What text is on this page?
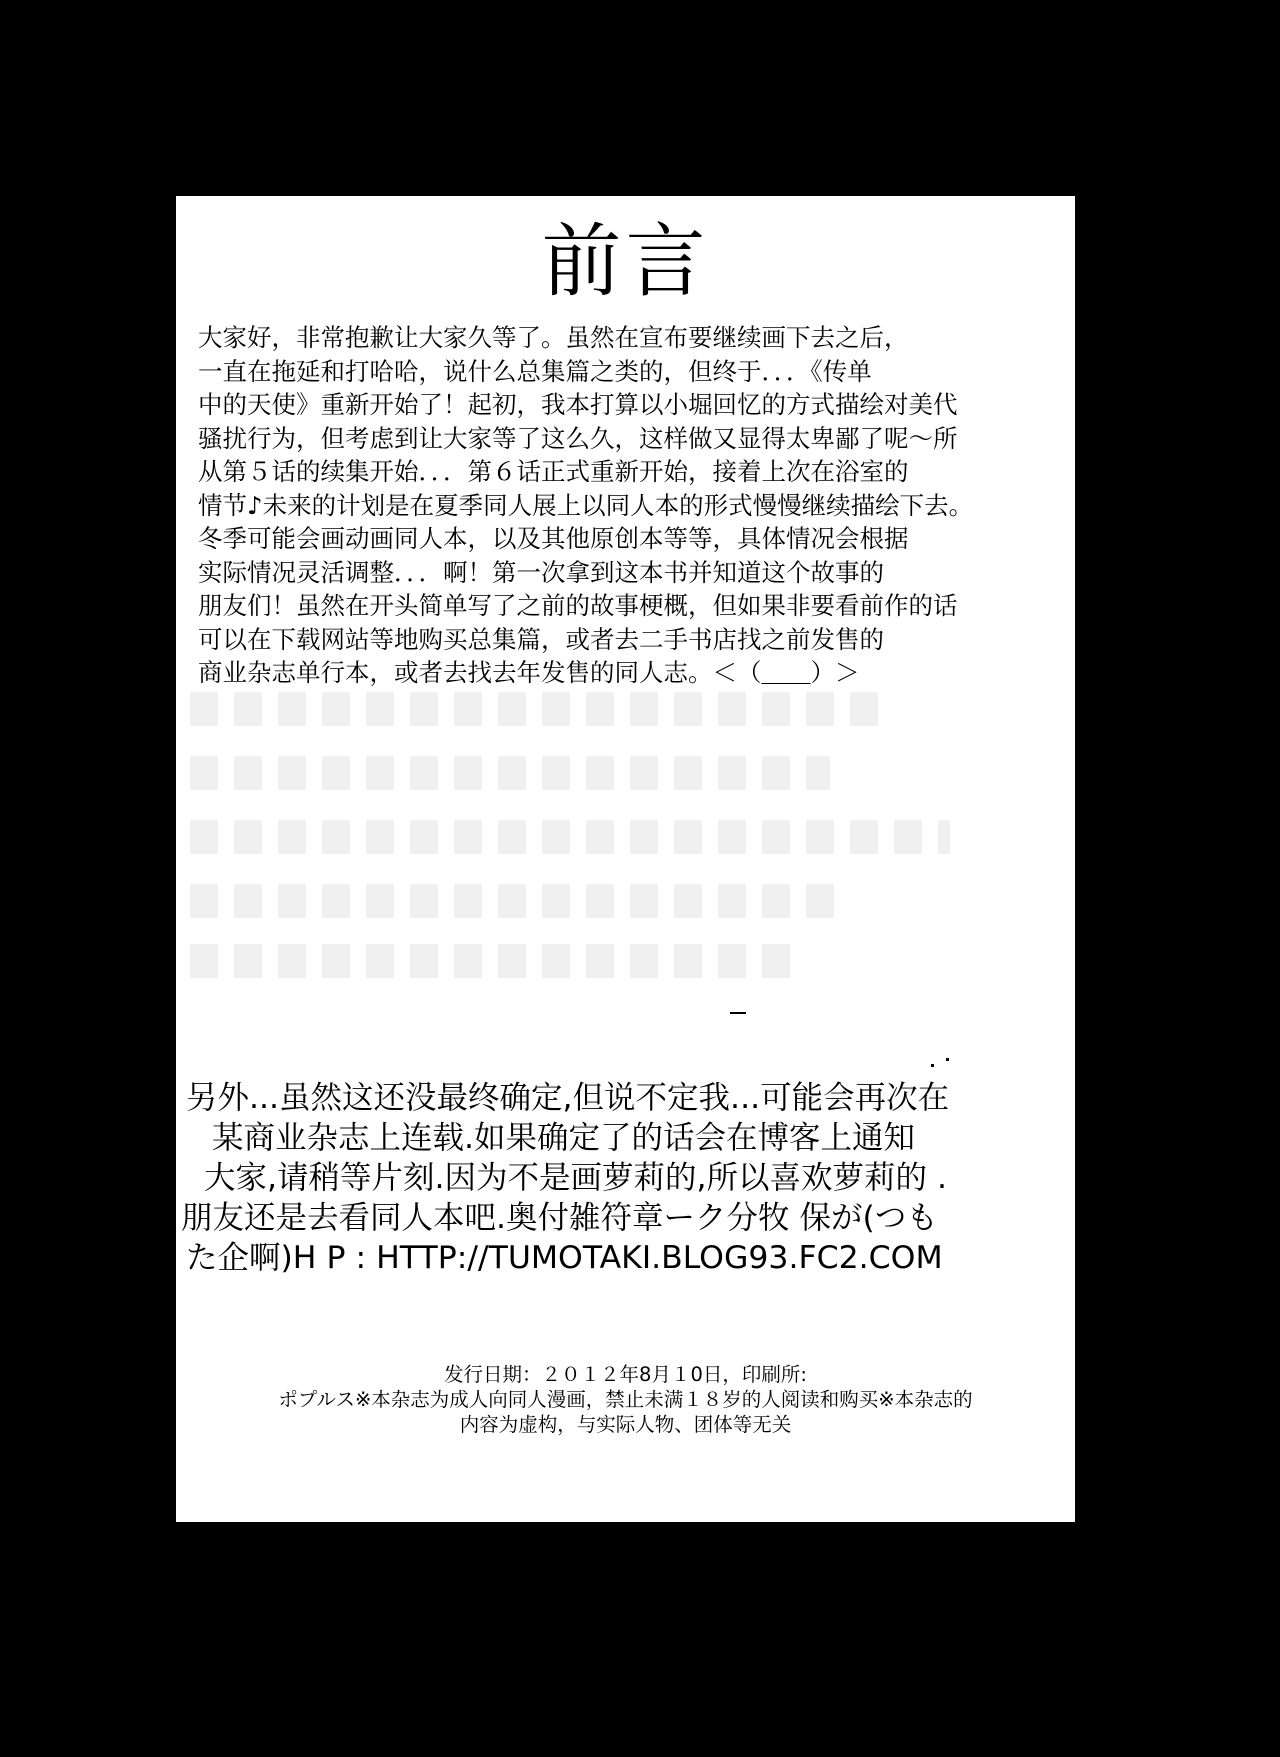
前言
大家好，非常抱歉让大家久等了。虽然在宣布要继续画下去之后，
一直在拖延和打哈哈，说什么总集篇之类的，但终于．．．《传单
中的天使》重新开始了！起初，我本打算以小堀回忆的方式描绘对美代
骚扰行为，但考虑到让大家等了这么久，这样做又显得太卑鄙了呢～所
从第５话的续集开始．．．第６话正式重新开始，接着上次在浴室的
情节♪未来的计划是在夏季同人展上以同人本的形式慢慢继续描绘下去。
冬季可能会画动画同人本，以及其他原创本等等，具体情况会根据
实际情况灵活调整．．．啊！第一次拿到这本书并知道这个故事的
朋友们！虽然在开头简单写了之前的故事梗概，但如果非要看前作的话
可以在下载网站等地购买总集篇，或者去二手书店找之前发售的
商业杂志单行本，或者去找去年发售的同人志。＜（＿＿）＞
另外...虽然这还没最终确定,但说不定我...可能会再次在
某商业杂志上连载.如果确定了的话会在博客上通知
大家,请稍等片刻.因为不是画萝莉的,所以喜欢萝莉的 .
朋友还是去看同人本吧.奥付雑符章ーク分牧 保が(つも
た企啊)H P : HTTP://TUMOTAKI.BLOG93.FC2.COM
发行日期：２０１２年8月１0日，印刷所:
ポプルス※本杂志为成人向同人漫画，禁止未满１８岁的人阅读和购买※本杂志的
内容为虚构，与实际人物、团体等无关
